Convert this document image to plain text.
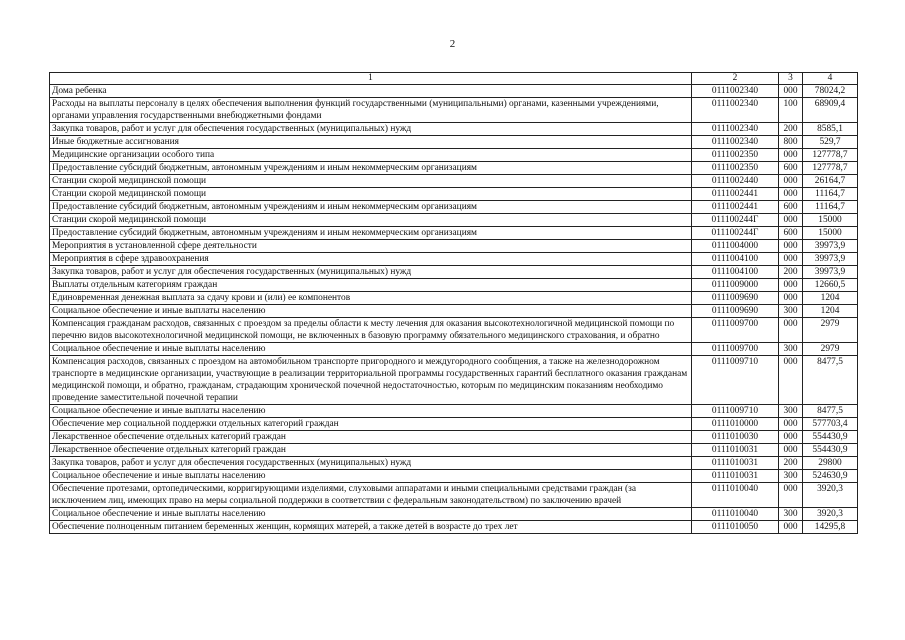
2
1	2	3	4
Дома ребенка	0111002340	000	78024,2
Расходы на выплаты персоналу в целях обеспечения выполнения функций государственными (муниципальными) органами, казенными учреждениями, органами управления государственными внебюджетными фондами	0111002340	100	68909,4
Закупка товаров, работ и услуг для обеспечения государственных (муниципальных) нужд	0111002340	200	8585,1
Иные бюджетные ассигнования	0111002340	800	529,7
Медицинские организации особого типа	0111002350	000	127778,7
Предоставление субсидий бюджетным, автономным учреждениям и иным некоммерческим организациям	0111002350	600	127778,7
Станции скорой медицинской помощи	0111002440	000	26164,7
Станции скорой медицинской помощи	0111002441	000	11164,7
Предоставление субсидий бюджетным, автономным учреждениям и иным некоммерческим организациям	0111002441	600	11164,7
Станции скорой медицинской помощи	011100244Г	000	15000
Предоставление субсидий бюджетным, автономным учреждениям и иным некоммерческим организациям	011100244Г	600	15000
Мероприятия в установленной сфере деятельности	0111004000	000	39973,9
Мероприятия в сфере здравоохранения	0111004100	000	39973,9
Закупка товаров, работ и услуг для обеспечения государственных (муниципальных) нужд	0111004100	200	39973,9
Выплаты отдельным категориям граждан	0111009000	000	12660,5
Единовременная денежная выплата за сдачу крови и (или) ее компонентов	0111009690	000	1204
Социальное обеспечение и иные выплаты населению	0111009690	300	1204
Компенсация гражданам расходов, связанных с проездом за пределы области к месту лечения для оказания высокотехнологичной медицинской помощи по перечню видов высокотехнологичной медицинской помощи, не включенных в базовую программу обязательного медицинского страхования, и обратно	0111009700	000	2979
Социальное обеспечение и иные выплаты населению	0111009700	300	2979
Компенсация расходов, связанных с проездом на автомобильном транспорте пригородного и междугородного сообщения, а также на железнодорожном транспорте в медицинские организации, участвующие в реализации территориальной программы государственных гарантий бесплатного оказания гражданам медицинской помощи, и обратно, гражданам, страдающим хронической почечной недостаточностью, которым по медицинским показаниям необходимо проведение заместительной почечной терапии	0111009710	000	8477,5
Социальное обеспечение и иные выплаты населению	0111009710	300	8477,5
Обеспечение мер социальной поддержки отдельных категорий граждан	0111010000	000	577703,4
Лекарственное обеспечение отдельных категорий граждан	0111010030	000	554430,9
Лекарственное обеспечение отдельных категорий граждан	0111010031	000	554430,9
Закупка товаров, работ и услуг для обеспечения государственных (муниципальных) нужд	0111010031	200	29800
Социальное обеспечение и иные выплаты населению	0111010031	300	524630,9
Обеспечение протезами, ортопедическими, корригирующими изделиями, слуховыми аппаратами и иными специальными средствами граждан (за исключением лиц, имеющих право на меры социальной поддержки в соответствии с федеральным законодательством) по заключению врачей	0111010040	000	3920,3
Социальное обеспечение и иные выплаты населению	0111010040	300	3920,3
Обеспечение полноценным питанием беременных женщин, кормящих матерей, а также детей в возрасте до трех лет	0111010050	000	14295,8
